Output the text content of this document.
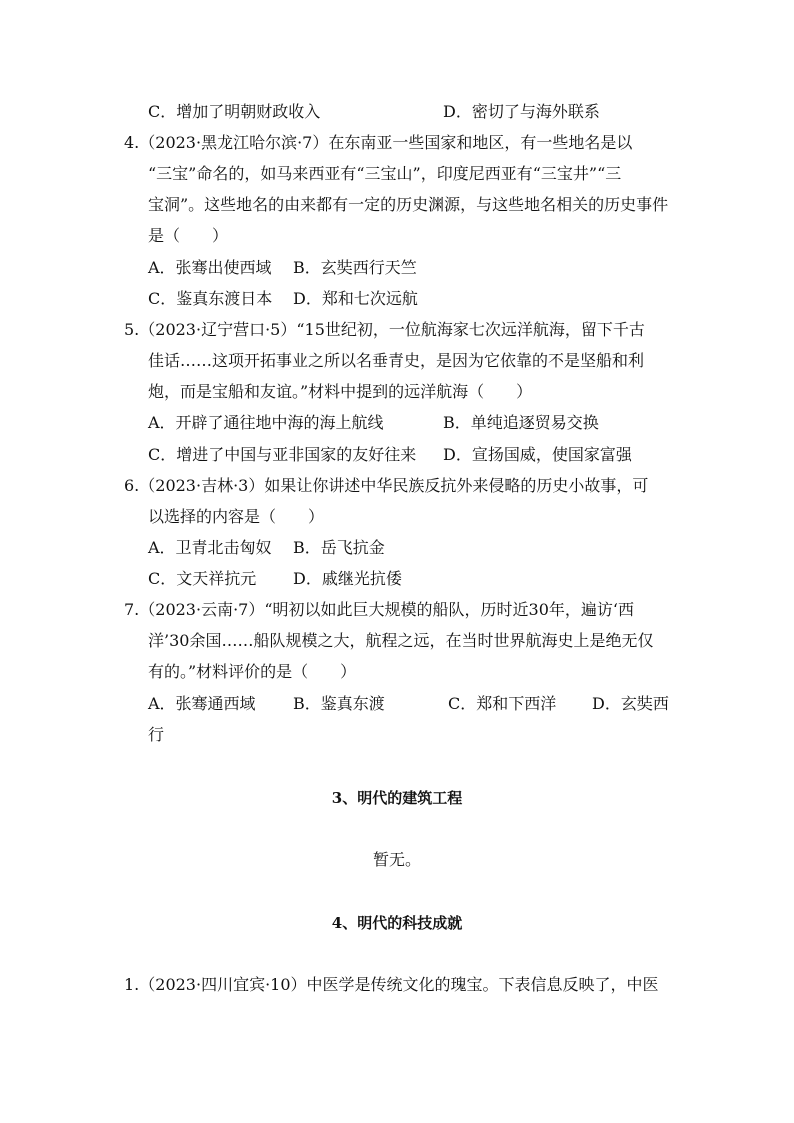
C．增加了明朝财政收入	D．密切了与海外联系
4.（2023·黑龙江哈尔滨·7）在东南亚一些国家和地区，有一些地名是以
“三宝”命名的，如马来西亚有“三宝山”，印度尼西亚有“三宝井”“三
宝洞”。这些地名的由来都有一定的历史渊源，与这些地名相关的历史事件
是（　　）
A．张骞出使西域 B．玄奘西行天竺
C．鉴真东渡日本 D．郑和七次远航
5.（2023·辽宁营口·5）“15世纪初，一位航海家七次远洋航海，留下千古
佳话……这项开拓事业之所以名垂青史，是因为它依靠的不是坚船和利
炮，而是宝船和友谊。”材料中提到的远洋航海（　　）
A．开辟了通往地中海的海上航线	B．单纯追逐贸易交换
C．增进了中国与亚非国家的友好往来 D．宣扬国威，使国家富强
6.（2023·吉林·3）如果让你讲述中华民族反抗外来侵略的历史小故事，可
以选择的内容是（　　）
A．卫青北击匈奴 B．岳飞抗金
C．文天祥抗元 D．戚继光抗倭
7.（2023·云南·7）“明初以如此巨大规模的船队，历时近30年，遍访‘西
洋’30余国……船队规模之大，航程之远，在当时世界航海史上是绝无仅
有的。”材料评价的是（　　）
A．张骞通西域 B．鉴真东渡	C．郑和下西洋 D．玄奘西
行
3、明代的建筑工程
暂无。
4、明代的科技成就
1.（2023·四川宜宾·10）中医学是传统文化的瑰宝。下表信息反映了，中医
